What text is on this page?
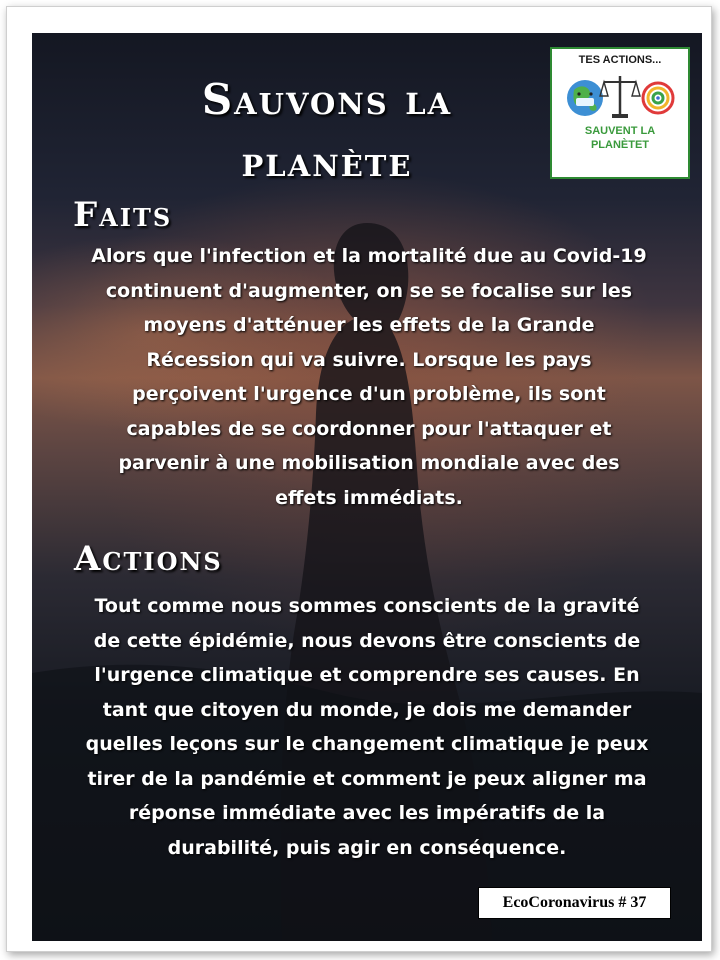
Sauvons la
planète
TES ACTIONS...
SAUVENT LA
PLANÈTET
Faits
Alors que l'infection et la mortalité due au Covid-19
continuent d'augmenter, on se se focalise sur les
moyens d'atténuer les effets de la Grande
Récession qui va suivre. Lorsque les pays
perçoivent l'urgence d'un problème, ils sont
capables de se coordonner pour l'attaquer et
parvenir à une mobilisation mondiale avec des
effets immédiats.
Actions
Tout comme nous sommes conscients de la gravité
de cette épidémie, nous devons être conscients de
l'urgence climatique et comprendre ses causes. En
tant que citoyen du monde, je dois me demander
quelles leçons sur le changement climatique je peux
tirer de la pandémie et comment je peux aligner ma
réponse immédiate avec les impératifs de la
durabilité, puis agir en conséquence.
EcoCoronavirus # 37
